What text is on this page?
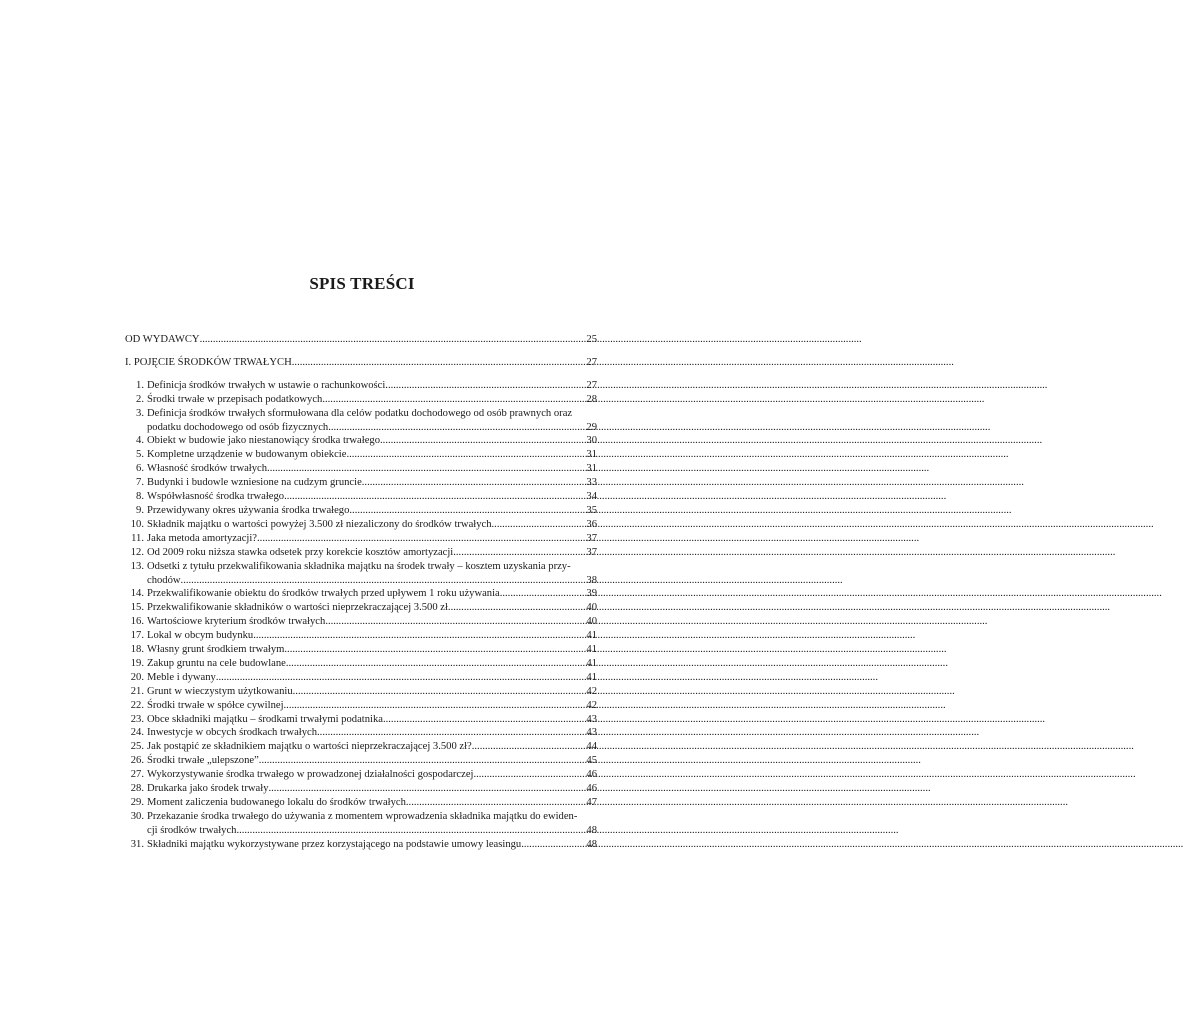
SPIS TREŚCI
OD WYDAWCY .....	25
I. POJĘCIE ŚRODKÓW TRWAŁYCH .....	27
1. Definicja środków trwałych w ustawie o rachunkowości .....	27
2. Środki trwałe w przepisach podatkowych .....	28
3. Definicja środków trwałych sformułowana dla celów podatku dochodowego od osób prawnych oraz
podatku dochodowego od osób fizycznych .....	29
4. Obiekt w budowie jako niestanowiący środka trwałego .....	30
5. Kompletne urządzenie w budowanym obiekcie .....	31
6. Własność środków trwałych .....	31
7. Budynki i budowle wzniesione na cudzym gruncie .....	33
8. Współwłasność środka trwałego .....	34
9. Przewidywany okres używania środka trwałego .....	35
10. Składnik majątku o wartości powyżej 3.500 zł niezaliczony do środków trwałych .....	36
11. Jaka metoda amortyzacji? .....	37
12. Od 2009 roku niższa stawka odsetek przy korekcie kosztów amortyzacji .....	37
13. Odsetki z tytułu przekwalifikowania składnika majątku na środek trwały – kosztem uzyskania przy-
chodów .....	38
14. Przekwalifikowanie obiektu do środków trwałych przed upływem 1 roku używania .....	39
15. Przekwalifikowanie składników o wartości nieprzekraczającej 3.500 zł .....	40
16. Wartościowe kryterium środków trwałych .....	40
17. Lokal w obcym budynku .....	41
18. Własny grunt środkiem trwałym .....	41
19. Zakup gruntu na cele budowlane .....	41
20. Meble i dywany .....	41
21. Grunt w wieczystym użytkowaniu .....	42
22. Środki trwałe w spółce cywilnej .....	42
23. Obce składniki majątku – środkami trwałymi podatnika .....	43
24. Inwestycje w obcych środkach trwałych .....	43
25. Jak postąpić ze składnikiem majątku o wartości nieprzekraczającej 3.500 zł? .....	44
26. Środki trwałe „ulepszone” .....	45
27. Wykorzystywanie środka trwałego w prowadzonej działalności gospodarczej .....	46
28. Drukarka jako środek trwały .....	46
29. Moment zaliczenia budowanego lokalu do środków trwałych .....	47
30. Przekazanie środka trwałego do używania z momentem wprowadzenia składnika majątku do ewiden-
cji środków trwałych .....	48
31. Składniki majątku wykorzystywane przez korzystającego na podstawie umowy leasingu .....	48
